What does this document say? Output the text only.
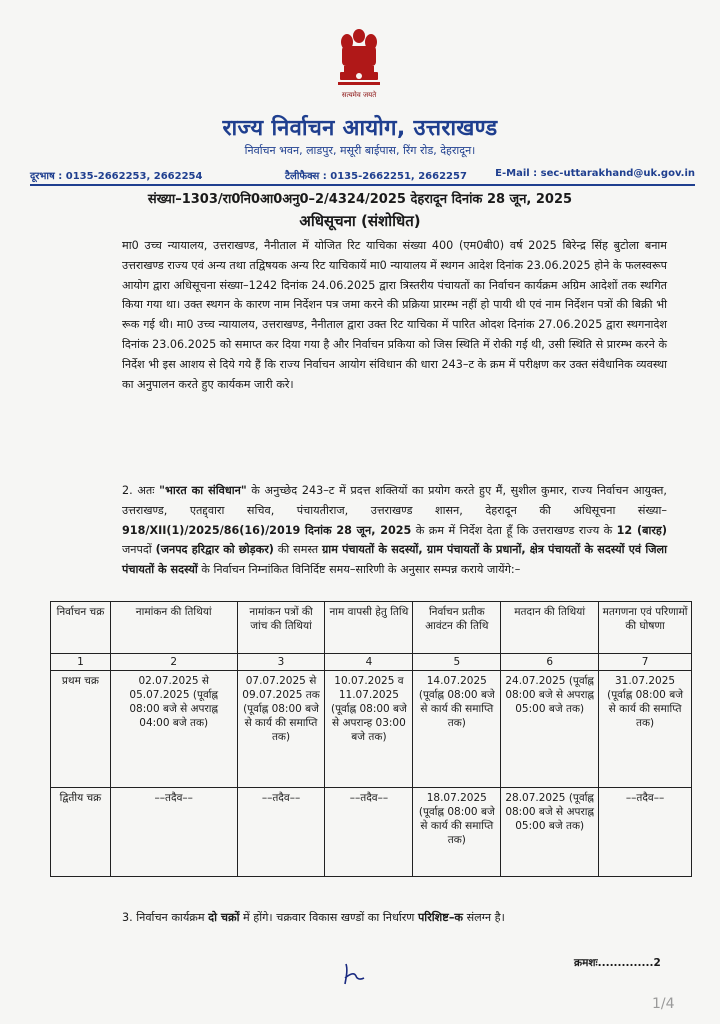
सत्यमेव जयते
राज्य निर्वाचन आयोग, उत्तराखण्ड
निर्वाचन भवन, लाडपुर, मसूरी बाईपास, रिंग रोड, देहरादून।
दूरभाष : 0135-2662253, 2662254	टैलीफैक्स : 0135-2662251, 2662257	E-Mail : sec-uttarakhand@uk.gov.in
संख्या–1303/रा0नि0आ0अनु0–2/4324/2025 देहरादून दिनांक 28 जून, 2025
अधिसूचना (संशोधित)
मा0 उच्च न्यायालय, उत्तराखण्ड, नैनीताल में योजित रिट याचिका संख्या 400 (एम0बी0) वर्ष 2025 बिरेन्द्र सिंह बुटोला बनाम उत्तराखण्ड राज्य एवं अन्य तथा तद्विषयक अन्य रिट याचिकायें मा0 न्यायालय में स्थगन आदेश दिनांक 23.06.2025 होने के फलस्वरूप आयोग द्वारा अधिसूचना संख्या–1242 दिनांक 24.06.2025 द्वारा त्रिस्तरीय पंचायतों का निर्वाचन कार्यक्रम अग्रिम आदेशों तक स्थगित किया गया था। उक्त स्थगन के कारण नाम निर्देशन पत्र जमा करने की प्रक्रिया प्रारम्भ नहीं हो पायी थी एवं नाम निर्देशन पत्रों की बिक्री भी रूक गई थी। मा0 उच्च न्यायालय, उत्तराखण्ड, नैनीताल द्वारा उक्त रिट याचिका में पारित ओदश दिनांक 27.06.2025 द्वारा स्थगनादेश दिनांक 23.06.2025 को समाप्त कर दिया गया है और निर्वाचन प्रकिया को जिस स्थिति में रोकी गई थी, उसी स्थिति से प्रारम्भ करने के निर्देश भी इस आशय से दिये गये हैं कि राज्य निर्वाचन आयोग संविधान की धारा 243–ट के क्रम में परीक्षण कर उक्त संवैधानिक व्यवस्था का अनुपालन करते हुए कार्यकम जारी करे।
2. अतः "भारत का संविधान" के अनुच्छेद 243–ट में प्रदत्त शक्तियों का प्रयोग करते हुए मैं, सुशील कुमार, राज्य निर्वाचन आयुक्त, उत्तराखण्ड, एतद्द्वारा सचिव, पंचायतीराज, उत्तराखण्ड शासन, देहरादून की अधिसूचना संख्या–918/XII(1)/2025/86(16)/2019 दिनांक 28 जून, 2025 के क्रम में निर्देश देता हूँ कि उत्तराखण्ड राज्य के 12 (बारह) जनपदों (जनपद हरिद्वार को छोड़कर) की समस्त ग्राम पंचायतों के सदस्यों, ग्राम पंचायतों के प्रधानों, क्षेत्र पंचायतों के सदस्यों एवं जिला पंचायतों के सदस्यों के निर्वाचन निम्नांकित विनिर्दिष्ट समय–सारिणी के अनुसार सम्पन्न कराये जायेंगे:–
निर्वाचन चक्र	नामांकन की तिथियां	नामांकन पत्रों की जांच की तिथियां	नाम वापसी हेतु तिथि	निर्वाचन प्रतीक आवंटन की तिथि	मतदान की तिथियां	मतगणना एवं परिणामों की घोषणा
1	2	3	4	5	6	7
प्रथम चक्र	02.07.2025 से 05.07.2025 (पूर्वाह्न 08:00 बजे से अपराह्न 04:00 बजे तक)	07.07.2025 से 09.07.2025 तक (पूर्वाह्न 08:00 बजे से कार्य की समाप्ति तक)	10.07.2025 व 11.07.2025 (पूर्वाह्न 08:00 बजे से अपरान्ह 03:00 बजे तक)	14.07.2025 (पूर्वाह्न 08:00 बजे से कार्य की समाप्ति तक)	24.07.2025 (पूर्वाह्न 08:00 बजे से अपराह्न 05:00 बजे तक)	31.07.2025 (पूर्वाह्न 08:00 बजे से कार्य की समाप्ति तक)
द्वितीय चक्र	––तदैव––	––तदैव––	––तदैव––	18.07.2025 (पूर्वाह्न 08:00 बजे से कार्य की समाप्ति तक)	28.07.2025 (पूर्वाह्न 08:00 बजे से अपराह्न 05:00 बजे तक)	––तदैव––
3. निर्वाचन कार्यक्रम दो चक्रों में होंगे। चक्रवार विकास खण्डों का निर्धारण परिशिष्ट–क संलग्न है।
क्रमशः..............2
1/4
